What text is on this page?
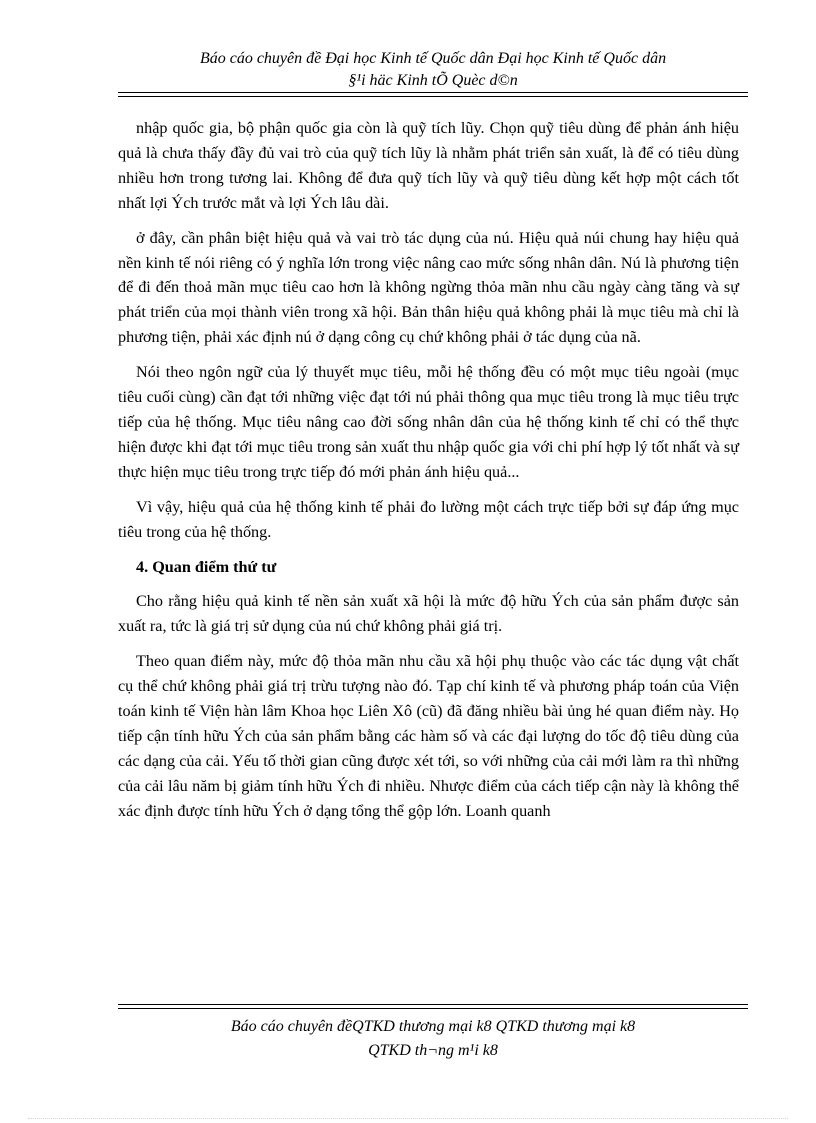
Báo cáo chuyên đề Đại học Kinh tế Quốc dân Đại học Kinh tế Quốc dân
§¹i häc Kinh tÕ Quèc d©n

nhập quốc gia, bộ phận quốc gia còn là quỹ tích lũy. Chọn quỹ tiêu dùng để phản ánh hiệu quả là chưa thấy đầy đủ vai trò của quỹ tích lũy là nhằm phát triển sản xuất, là để có tiêu dùng nhiều hơn trong tương lai. Không để đưa quỹ tích lũy và quỹ tiêu dùng kết hợp một cách tốt nhất lợi Ých trước mắt và lợi Ých lâu dài.

ở đây, cần phân biệt hiệu quả và vai trò tác dụng của nú. Hiệu quả núi chung hay hiệu quả nền kinh tế nói riêng có ý nghĩa lớn trong việc nâng cao mức sống nhân dân. Nú là phương tiện để đi đến thoả mãn mục tiêu cao hơn là không ngừng thỏa mãn nhu cầu ngày càng tăng và sự phát triển của mọi thành viên trong xã hội. Bản thân hiệu quả không phải là mục tiêu mà chỉ là phương tiện, phải xác định nú ở dạng công cụ chứ không phải ở tác dụng của nã.

Nói theo ngôn ngữ của lý thuyết mục tiêu, mỗi hệ thống đều có một mục tiêu ngoài (mục tiêu cuối cùng) cần đạt tới những việc đạt tới nú phải thông qua mục tiêu trong là mục tiêu trực tiếp của hệ thống. Mục tiêu nâng cao đời sống nhân dân của hệ thống kinh tế chỉ có thể thực hiện được khi đạt tới mục tiêu trong sản xuất thu nhập quốc gia với chi phí hợp lý tốt nhất và sự thực hiện mục tiêu trong trực tiếp đó mới phản ánh hiệu quả...

Vì vậy, hiệu quả của hệ thống kinh tế phải đo lường một cách trực tiếp bởi sự đáp ứng mục tiêu trong của hệ thống.

4. Quan điểm thứ tư

Cho rằng hiệu quả kinh tế nền sản xuất xã hội là mức độ hữu Ých của sản phẩm được sản xuất ra, tức là giá trị sử dụng của nú chứ không phải giá trị.

Theo quan điểm này, mức độ thỏa mãn nhu cầu xã hội phụ thuộc vào các tác dụng vật chất cụ thể chứ không phải giá trị trừu tượng nào đó. Tạp chí kinh tế và phương pháp toán của Viện toán kinh tế Viện hàn lâm Khoa học Liên Xô (cũ) đã đăng nhiều bài ủng hé quan điểm này. Họ tiếp cận tính hữu Ých của sản phẩm bằng các hàm số và các đại lượng do tốc độ tiêu dùng của các dạng của cải. Yếu tố thời gian cũng được xét tới, so với những của cải mới làm ra thì những của cải lâu năm bị giảm tính hữu Ých đi nhiều. Nhược điểm của cách tiếp cận này là không thể xác định được tính hữu Ých ở dạng tổng thể gộp lớn. Loanh quanh

Báo cáo chuyên đềQTKD thương mại k8 QTKD thương mại k8
QTKD th¬ng m¹i k8
